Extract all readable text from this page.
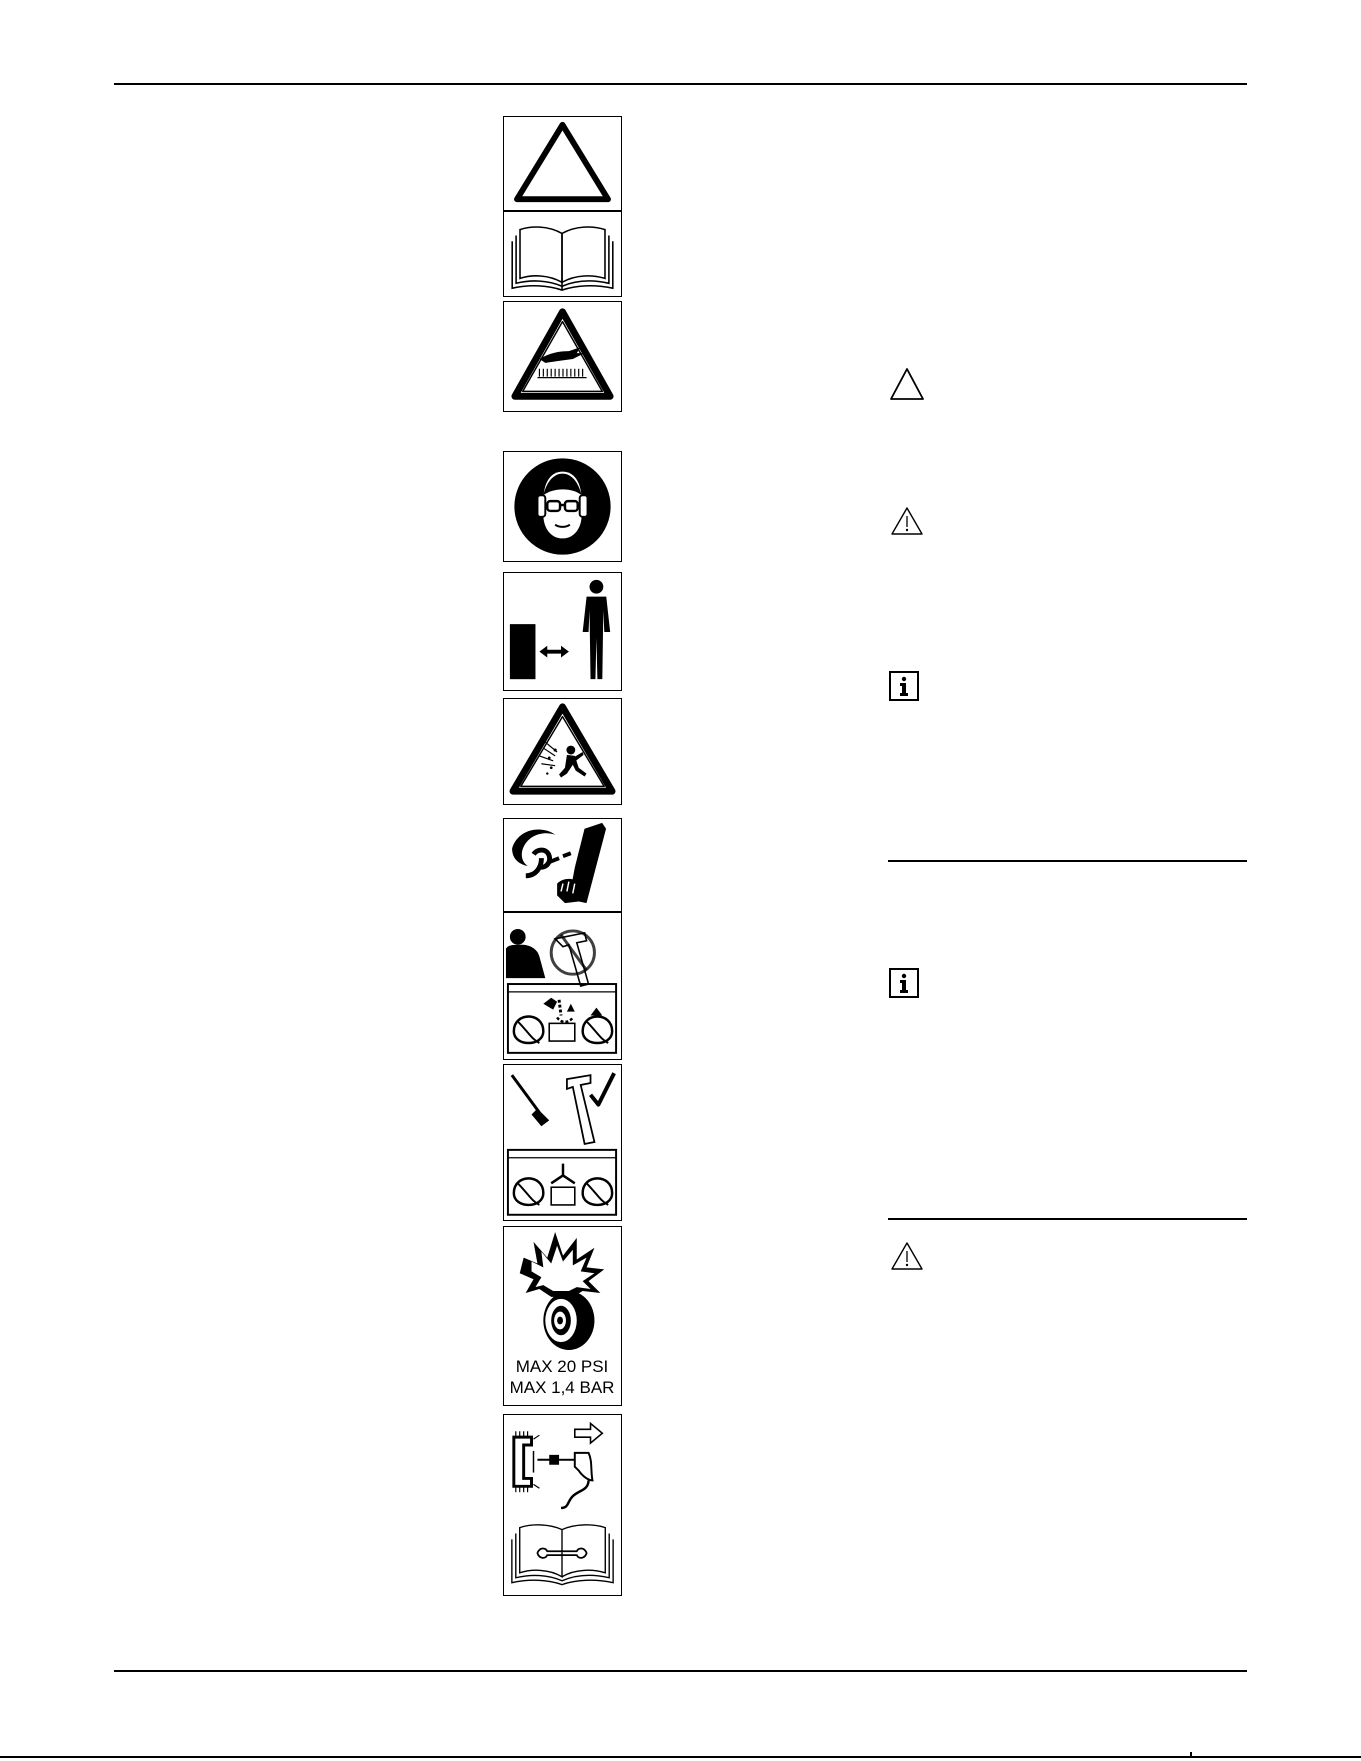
MAX 20 PSI
MAX 1,4 BAR
